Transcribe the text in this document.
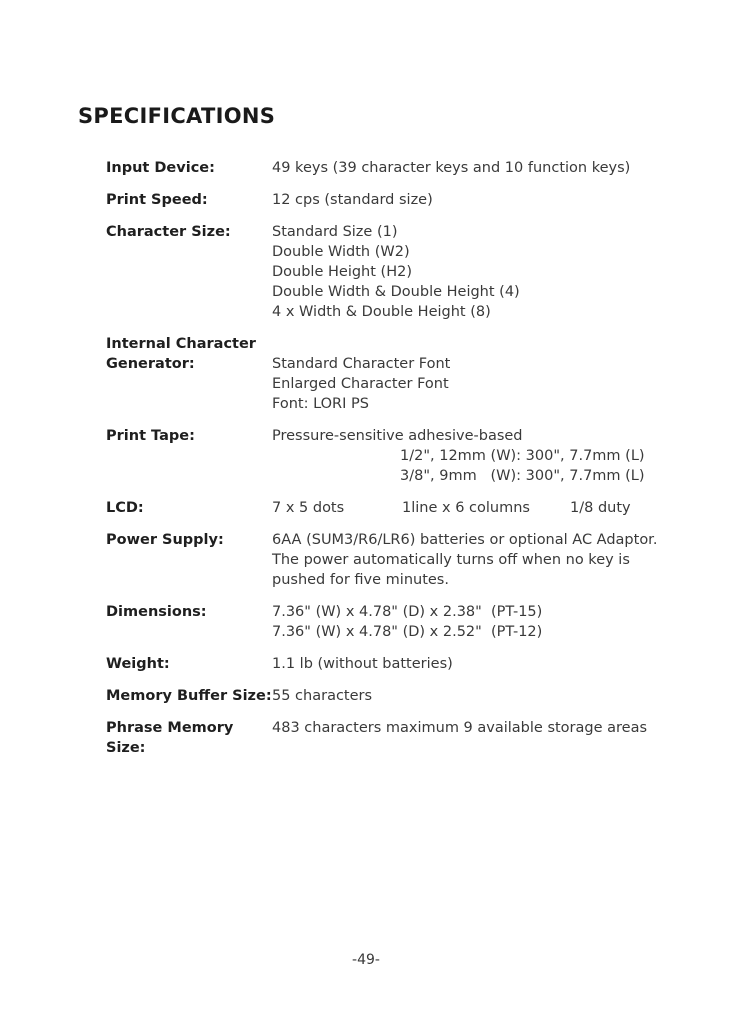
SPECIFICATIONS
Input Device:	49 keys (39 character keys and 10 function keys)
Print Speed:	12 cps (standard size)
Character Size:	Standard Size (1)
Double Width (W2)
Double Height (H2)
Double Width & Double Height (4)
4 x Width & Double Height (8)
Internal Character
Generator:	Standard Character Font
Enlarged Character Font
Font: LORI PS
Print Tape:	Pressure-sensitive adhesive-based
1/2", 12mm (W): 300", 7.7mm (L)
3/8", 9mm   (W): 300", 7.7mm (L)
LCD:	7 x 5 dots	1line x 6 columns	1/8 duty
Power Supply:	6AA (SUM3/R6/LR6) batteries or optional AC Adaptor.
The power automatically turns off when no key is
pushed for five minutes.
Dimensions:	7.36" (W) x 4.78" (D) x 2.38"  (PT-15)
7.36" (W) x 4.78" (D) x 2.52"  (PT-12)
Weight:	1.1 lb (without batteries)
Memory Buffer Size: 55 characters
Phrase Memory Size:
483 characters maximum 9 available storage areas
-49-
